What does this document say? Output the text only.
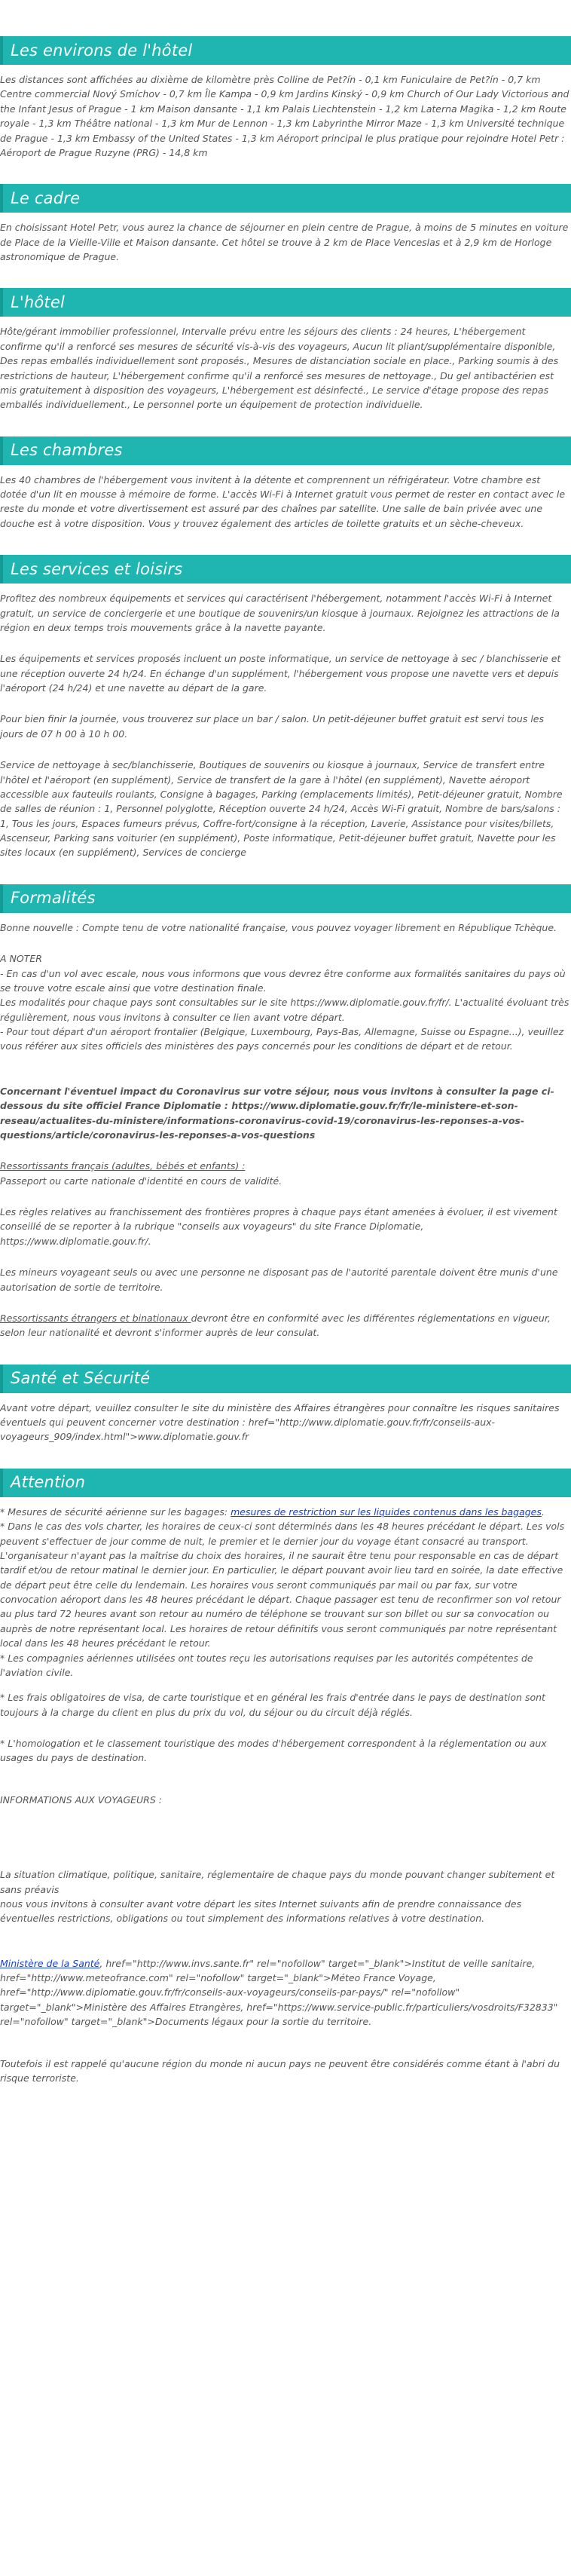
Les environs de l'hôtel

Les distances sont affichées au dixième de kilomètre près Colline de Pet?ín - 0,1 km Funiculaire de Pet?ín - 0,7 km Centre commercial Nový Smíchov - 0,7 km Île Kampa - 0,9 km Jardins Kinský - 0,9 km Church of Our Lady Victorious and the Infant Jesus of Prague - 1 km Maison dansante - 1,1 km Palais Liechtenstein - 1,2 km Laterna Magika - 1,2 km Route royale - 1,3 km Théâtre national - 1,3 km Mur de Lennon - 1,3 km Labyrinthe Mirror Maze - 1,3 km Université technique de Prague - 1,3 km Embassy of the United States - 1,3 km Aéroport principal le plus pratique pour rejoindre Hotel Petr : Aéroport de Prague Ruzyne (PRG) - 14,8 km

Le cadre

En choisissant Hotel Petr, vous aurez la chance de séjourner en plein centre de Prague, à moins de 5 minutes en voiture de Place de la Vieille-Ville et Maison dansante. Cet hôtel se trouve à 2 km de Place Venceslas et à 2,9 km de Horloge astronomique de Prague.

L'hôtel

Hôte/gérant immobilier professionnel, Intervalle prévu entre les séjours des clients : 24 heures, L'hébergement confirme qu'il a renforcé ses mesures de sécurité vis-à-vis des voyageurs, Aucun lit pliant/supplémentaire disponible, Des repas emballés individuellement sont proposés., Mesures de distanciation sociale en place., Parking soumis à des restrictions de hauteur, L'hébergement confirme qu'il a renforcé ses mesures de nettoyage., Du gel antibactérien est mis gratuitement à disposition des voyageurs, L'hébergement est désinfecté., Le service d'étage propose des repas emballés individuellement., Le personnel porte un équipement de protection individuelle.

Les chambres

Les 40 chambres de l'hébergement vous invitent à la détente et comprennent un réfrigérateur. Votre chambre est dotée d'un lit en mousse à mémoire de forme. L'accès Wi-Fi à Internet gratuit vous permet de rester en contact avec le reste du monde et votre divertissement est assuré par des chaînes par satellite. Une salle de bain privée avec une douche est à votre disposition. Vous y trouvez également des articles de toilette gratuits et un sèche-cheveux.

Les services et loisirs

Profitez des nombreux équipements et services qui caractérisent l'hébergement, notamment l'accès Wi-Fi à Internet gratuit, un service de conciergerie et une boutique de souvenirs/un kiosque à journaux. Rejoignez les attractions de la région en deux temps trois mouvements grâce à la navette payante.

Les équipements et services proposés incluent un poste informatique, un service de nettoyage à sec / blanchisserie et une réception ouverte 24 h/24. En échange d'un supplément, l'hébergement vous propose une navette vers et depuis l'aéroport (24 h/24) et une navette au départ de la gare.

Pour bien finir la journée, vous trouverez sur place un bar / salon. Un petit-déjeuner buffet gratuit est servi tous les jours de 07 h 00 à 10 h 00.

Service de nettoyage à sec/blanchisserie, Boutiques de souvenirs ou kiosque à journaux, Service de transfert entre l'hôtel et l'aéroport (en supplément), Service de transfert de la gare à l'hôtel (en supplément), Navette aéroport accessible aux fauteuils roulants, Consigne à bagages, Parking (emplacements limités), Petit-déjeuner gratuit, Nombre de salles de réunion : 1, Personnel polyglotte, Réception ouverte 24 h/24, Accès Wi-Fi gratuit, Nombre de bars/salons : 1, Tous les jours, Espaces fumeurs prévus, Coffre-fort/consigne à la réception, Laverie, Assistance pour visites/billets, Ascenseur, Parking sans voiturier (en supplément), Poste informatique, Petit-déjeuner buffet gratuit, Navette pour les sites locaux (en supplément), Services de concierge

Formalités

Bonne nouvelle : Compte tenu de votre nationalité française, vous pouvez voyager librement en République Tchèque.

A NOTER
- En cas d'un vol avec escale, nous vous informons que vous devrez être conforme aux formalités sanitaires du pays où se trouve votre escale ainsi que votre destination finale.
Les modalités pour chaque pays sont consultables sur le site https://www.diplomatie.gouv.fr/fr/. L'actualité évoluant très régulièrement, nous vous invitons à consulter ce lien avant votre départ.
- Pour tout départ d'un aéroport frontalier (Belgique, Luxembourg, Pays-Bas, Allemagne, Suisse ou Espagne...), veuillez vous référer aux sites officiels des ministères des pays concernés pour les conditions de départ et de retour.

Concernant l'éventuel impact du Coronavirus sur votre séjour, nous vous invitons à consulter la page ci-dessous du site officiel France Diplomatie : https://www.diplomatie.gouv.fr/fr/le-ministere-et-son-reseau/actualites-du-ministere/informations-coronavirus-covid-19/coronavirus-les-reponses-a-vos-questions/article/coronavirus-les-reponses-a-vos-questions

Ressortissants français (adultes, bébés et enfants) :

Passeport ou carte nationale d'identité en cours de validité.

Les règles relatives au franchissement des frontières propres à chaque pays étant amenées à évoluer, il est vivement conseillé de se reporter à la rubrique "conseils aux voyageurs" du site France Diplomatie, https://www.diplomatie.gouv.fr/.

Les mineurs voyageant seuls ou avec une personne ne disposant pas de l'autorité parentale doivent être munis d'une autorisation de sortie de territoire.

Ressortissants étrangers et binationaux devront être en conformité avec les différentes réglementations en vigueur, selon leur nationalité et devront s'informer auprès de leur consulat.

Santé et Sécurité

Avant votre départ, veuillez consulter le site du ministère des Affaires étrangères pour connaître les risques sanitaires éventuels qui peuvent concerner votre destination : href="http://www.diplomatie.gouv.fr/fr/conseils-aux-voyageurs_909/index.html">www.diplomatie.gouv.fr

Attention
* Mesures de sécurité aérienne sur les bagages: mesures de restriction sur les liquides contenus dans les bagages.
* Dans le cas des vols charter, les horaires de ceux-ci sont déterminés dans les 48 heures précédant le départ. Les vols peuvent s'effectuer de jour comme de nuit, le premier et le dernier jour du voyage étant consacré au transport. L'organisateur n'ayant pas la maîtrise du choix des horaires, il ne saurait être tenu pour responsable en cas de départ tardif et/ou de retour matinal le dernier jour. En particulier, le départ pouvant avoir lieu tard en soirée, la date effective de départ peut être celle du lendemain. Les horaires vous seront communiqués par mail ou par fax, sur votre convocation aéroport dans les 48 heures précédant le départ. Chaque passager est tenu de reconfirmer son vol retour au plus tard 72 heures avant son retour au numéro de téléphone se trouvant sur son billet ou sur sa convocation ou auprès de notre représentant local. Les horaires de retour définitifs vous seront communiqués par notre représentant local dans les 48 heures précédant le retour.
* Les compagnies aériennes utilisées ont toutes reçu les autorisations requises par les autorités compétentes de l'aviation civile.

* Les frais obligatoires de visa, de carte touristique et en général les frais d'entrée dans le pays de destination sont toujours à la charge du client en plus du prix du vol, du séjour ou du circuit déjà réglés.

* L'homologation et le classement touristique des modes d'hébergement correspondent à la réglementation ou aux usages du pays de destination.

INFORMATIONS AUX VOYAGEURS :
La situation climatique, politique, sanitaire, réglementaire de chaque pays du monde pouvant changer subitement et sans préavis
nous vous invitons à consulter avant votre départ les sites Internet suivants afin de prendre connaissance des éventuelles restrictions, obligations ou tout simplement des informations relatives à votre destination.

Ministère de la Santé, href="http://www.invs.sante.fr" rel="nofollow" target="_blank">Institut de veille sanitaire, href="http://www.meteofrance.com" rel="nofollow" target="_blank">Méteo France Voyage, href="http://www.diplomatie.gouv.fr/fr/conseils-aux-voyageurs/conseils-par-pays/" rel="nofollow" target="_blank">Ministère des Affaires Etrangères, href="https://www.service-public.fr/particuliers/vosdroits/F32833" rel="nofollow" target="_blank">Documents légaux pour la sortie du territoire.

Toutefois il est rappelé qu'aucune région du monde ni aucun pays ne peuvent être considérés comme étant à l'abri du risque terroriste.
